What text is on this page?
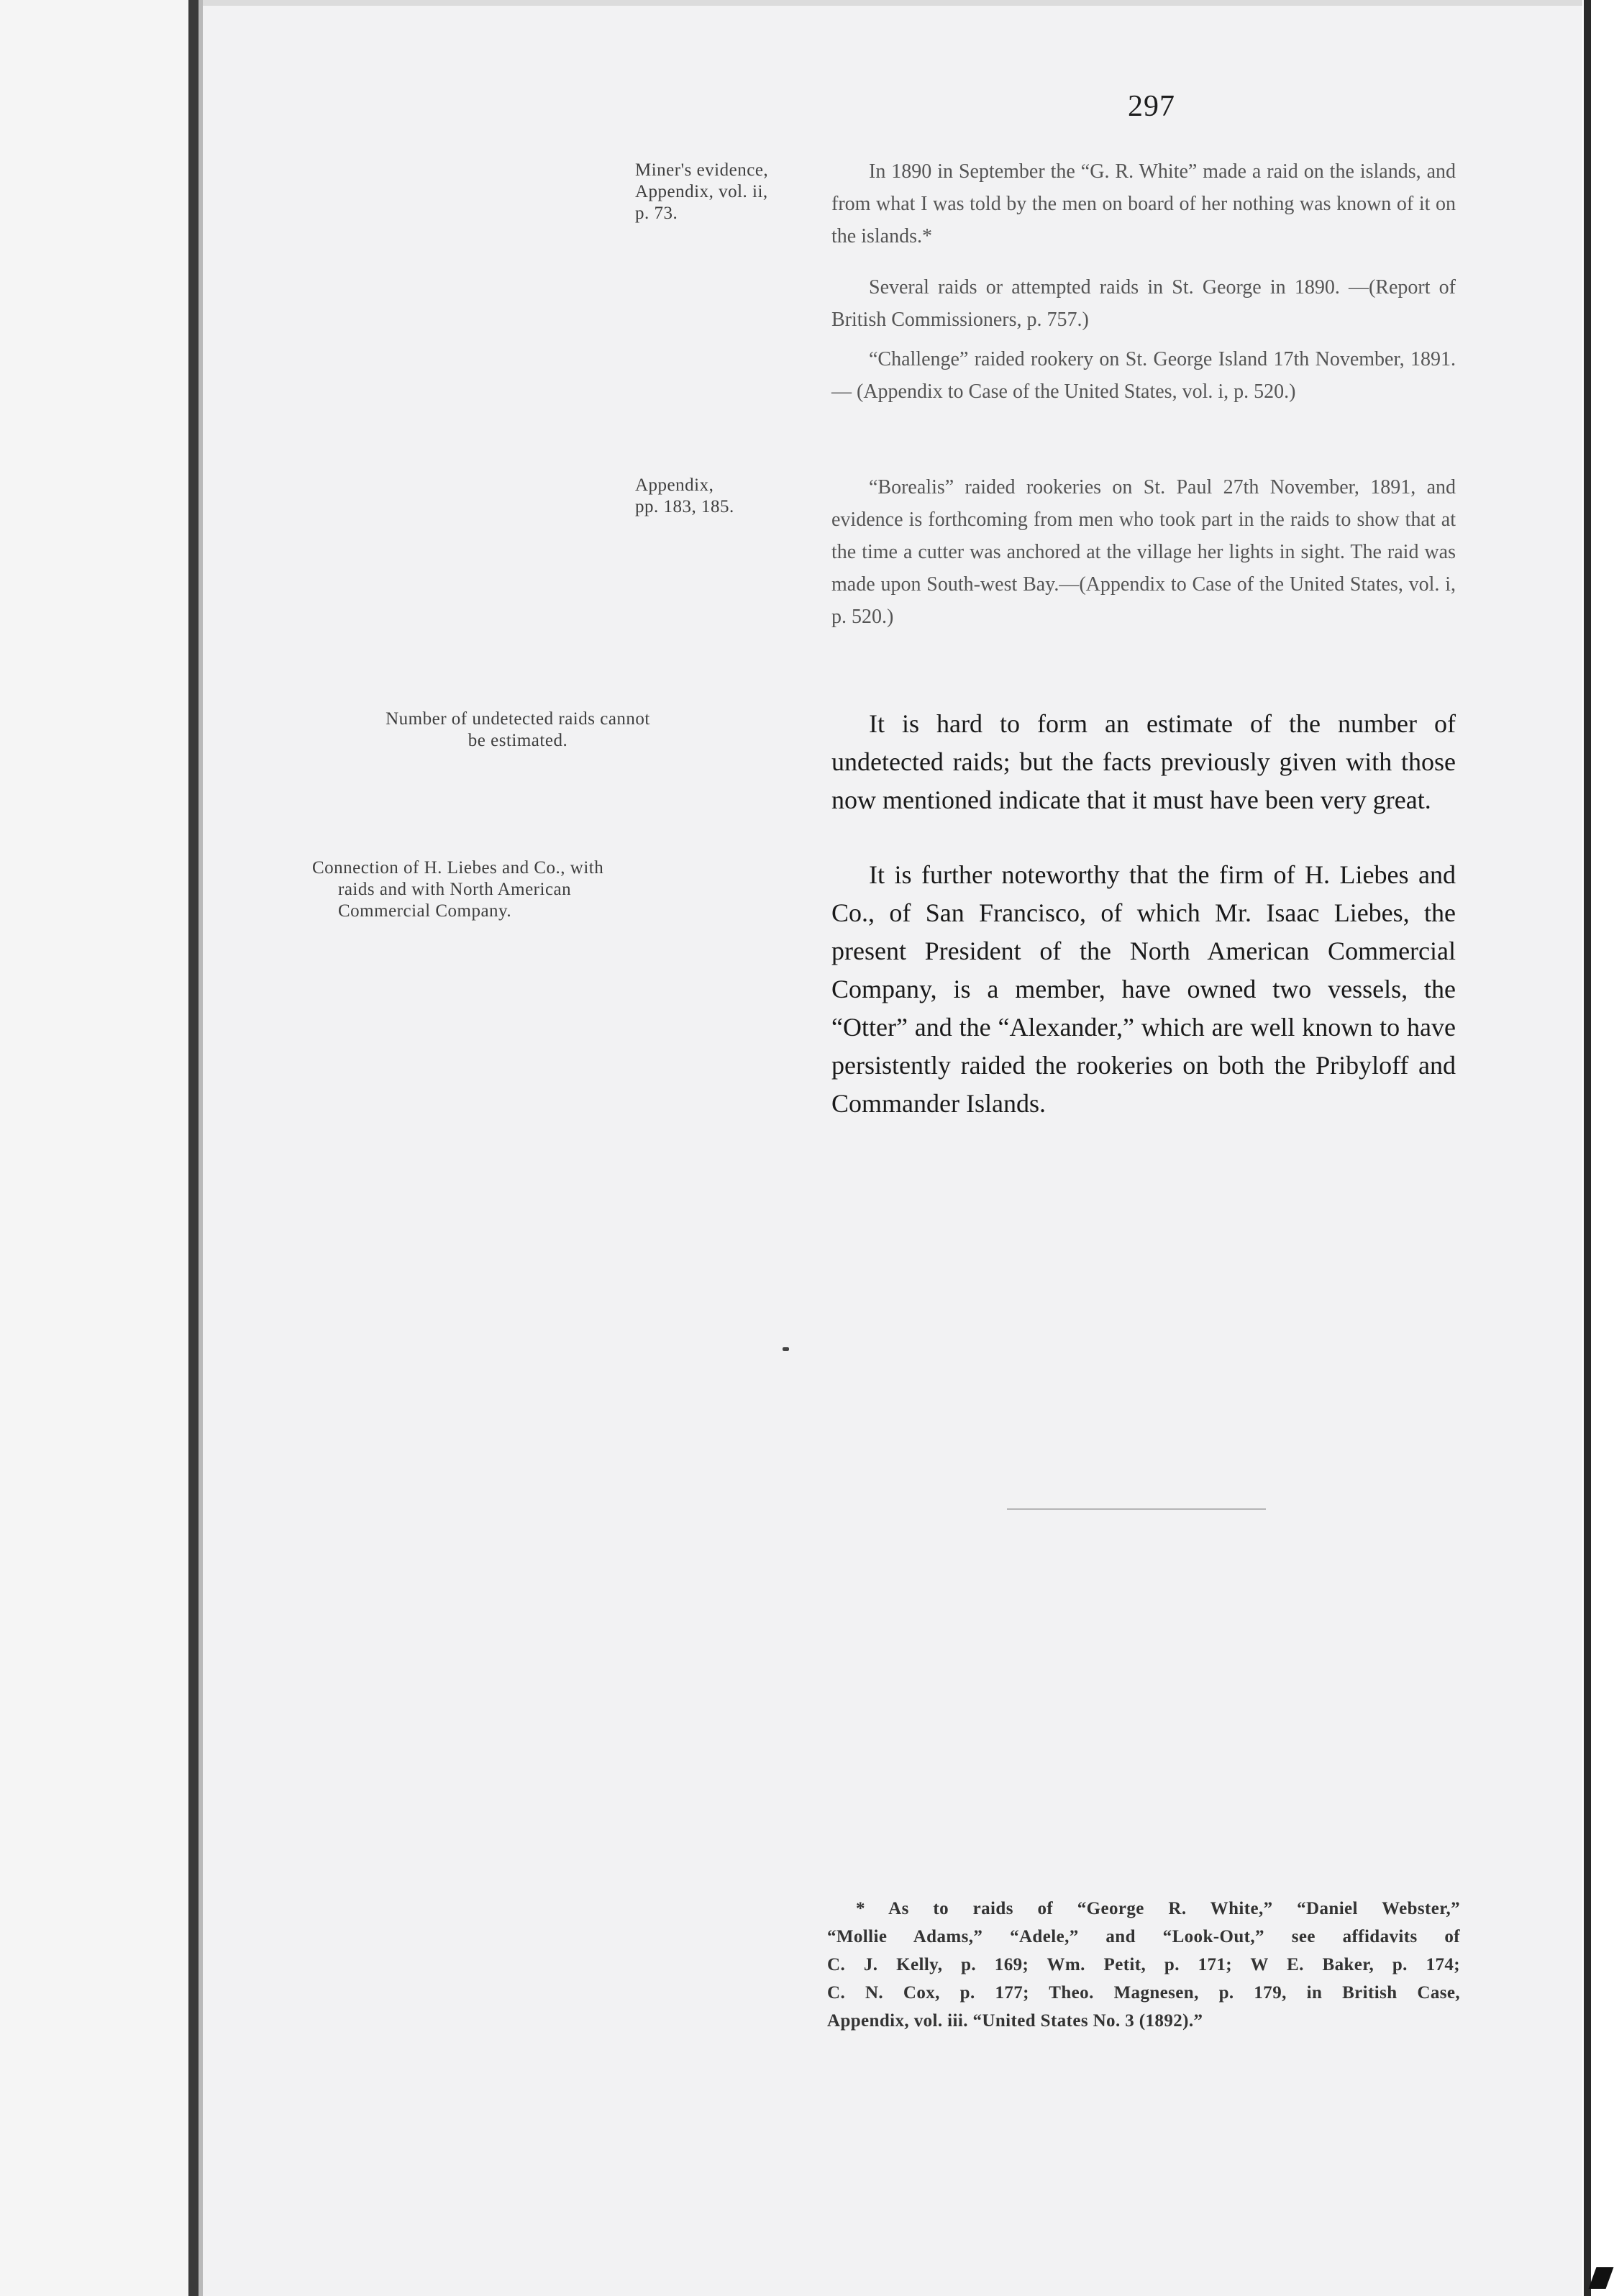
297
Miner's evidence,
Appendix, vol. ii,
p. 73.
Appendix,
pp. 183, 185.
Number of undetected raids cannot
be estimated.
Connection of H. Liebes and Co., with
raids and with North American
Commercial Company.
In 1890 in September the “G. R. White” made a raid on the islands, and from what I was told by the men on board of her nothing was known of it on the islands.*
Several raids or attempted raids in St. George in 1890. —(Report of British Commissioners, p. 757.)
“Challenge” raided rookery on St. George Island 17th November, 1891. — (Appendix to Case of the United States, vol. i, p. 520.)
“Borealis” raided rookeries on St. Paul 27th November, 1891, and evidence is forthcoming from men who took part in the raids to show that at the time a cutter was anchored at the village her lights in sight. The raid was made upon South-west Bay.—(Appendix to Case of the United States, vol. i, p. 520.)
It is hard to form an estimate of the number of undetected raids; but the facts previously given with those now mentioned indicate that it must have been very great.
It is further noteworthy that the firm of H. Liebes and Co., of San Francisco, of which Mr. Isaac Liebes, the present President of the North American Commercial Company, is a member, have owned two vessels, the “Otter” and the “Alexander,” which are well known to have persistently raided the rookeries on both the Pribyloff and Commander Islands.
* As to raids of “George R. White,” “Daniel Webster,”
“Mollie Adams,” “Adele,” and “Look-Out,” see affidavits of
C. J. Kelly, p. 169; Wm. Petit, p. 171; W E. Baker, p. 174;
C. N. Cox, p. 177; Theo. Magnesen, p. 179, in British Case,
Appendix, vol. iii. “United States No. 3 (1892).”
